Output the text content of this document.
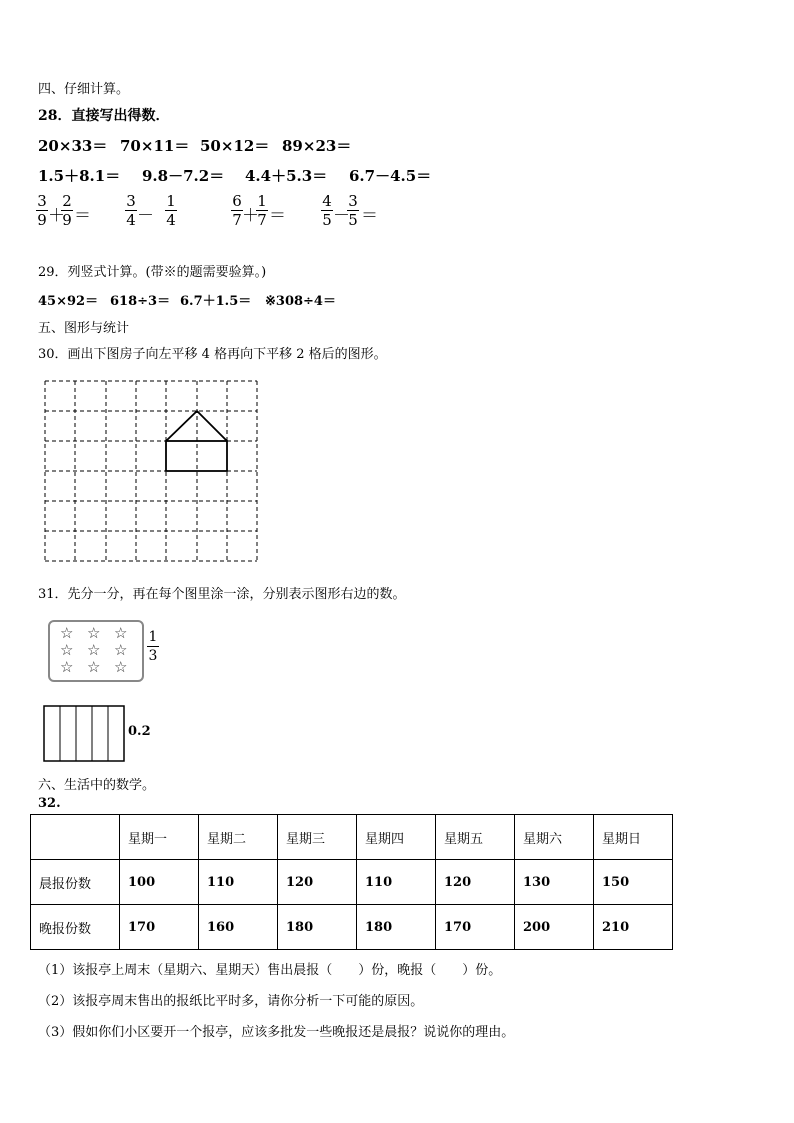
四、仔细计算。
28．直接写出得数．
20×33＝ 70×11＝ 50×12＝ 89×23＝
1.5＋8.1＝ 9.8－7.2＝ 4.4＋5.3＝ 6.7－4.5＝
3
9 ＋
2
9 ＝
3
4 －
1
4
6
7 ＋
1
7 ＝
4
5 －
3
5 ＝
29．列竖式计算。(带※的题需要验算。)
45×92＝ 618÷3＝ 6.7＋1.5＝ ※308÷4＝
五、图形与统计
30．画出下图房子向左平移 4 格再向下平移 2 格后的图形。
31．先分一分，再在每个图里涂一涂，分别表示图形右边的数。
☆ ☆ ☆
☆ ☆ ☆
☆ ☆ ☆
1
3
0.2
六、生活中的数学。
32.
	星期一	星期二	星期三	星期四	星期五	星期六	星期日
晨报份数	100	110	120	110	120	130	150
晚报份数	170	160	180	180	170	200	210
（1）该报亭上周末（星期六、星期天）售出晨报（　　）份，晚报（　　）份。
（2）该报亭周末售出的报纸比平时多，请你分析一下可能的原因。
（3）假如你们小区要开一个报亭，应该多批发一些晚报还是晨报？说说你的理由。
